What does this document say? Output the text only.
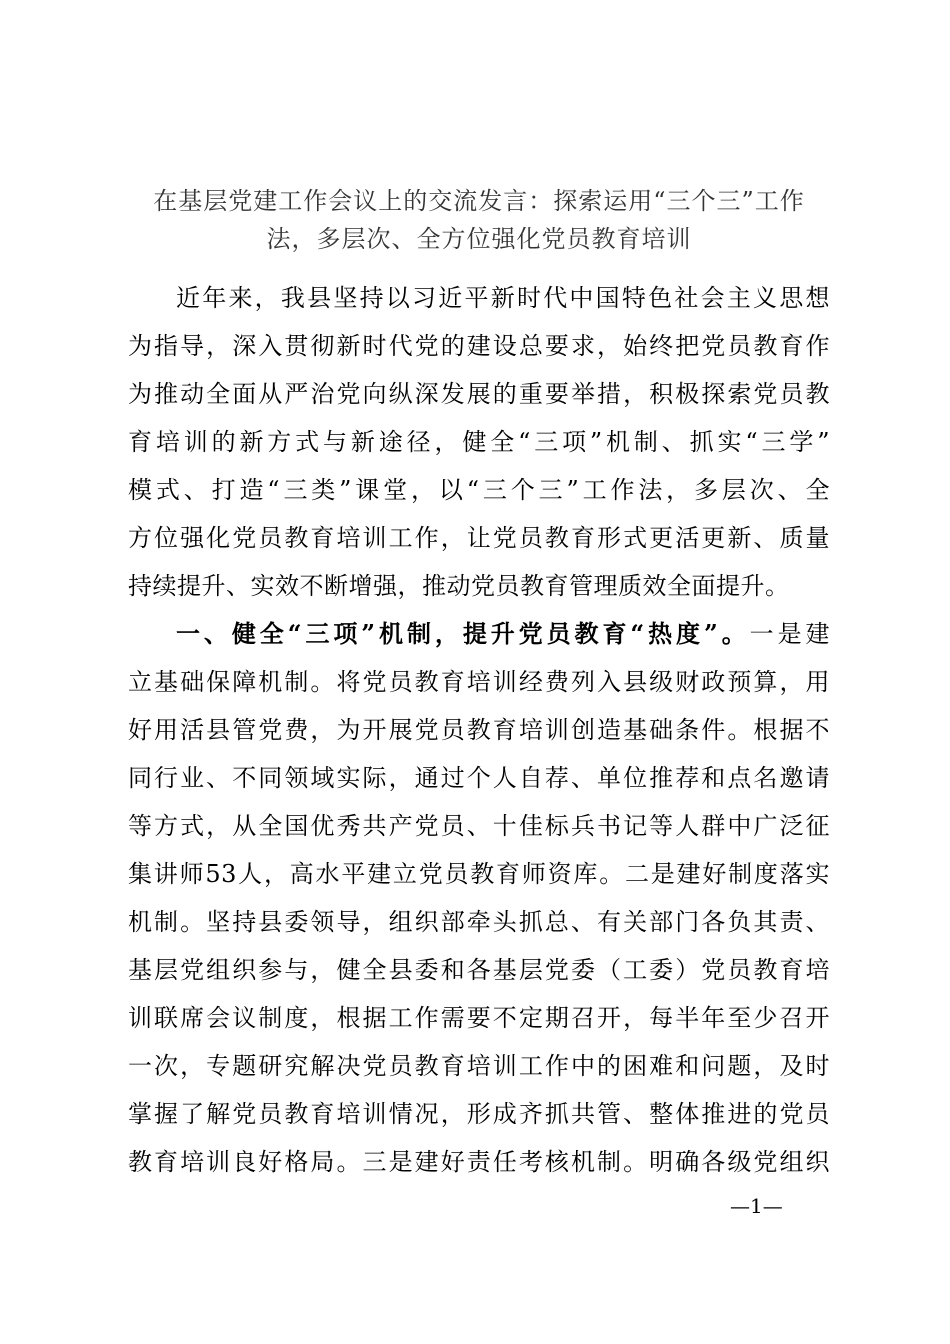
在基层党建工作会议上的交流发言：探索运用“三个三”工作
法，多层次、全方位强化党员教育培训
近年来，我县坚持以习近平新时代中国特色社会主义思想
为指导，深入贯彻新时代党的建设总要求，始终把党员教育作
为推动全面从严治党向纵深发展的重要举措，积极探索党员教
育培训的新方式与新途径，健全“三项”机制、抓实“三学”
模式、打造“三类”课堂，以“三个三”工作法，多层次、全
方位强化党员教育培训工作，让党员教育形式更活更新、质量
持续提升、实效不断增强，推动党员教育管理质效全面提升。
一、健全“三项”机制，提升党员教育“热度”。一是建
立基础保障机制。将党员教育培训经费列入县级财政预算，用
好用活县管党费，为开展党员教育培训创造基础条件。根据不
同行业、不同领域实际，通过个人自荐、单位推荐和点名邀请
等方式，从全国优秀共产党员、十佳标兵书记等人群中广泛征
集讲师53人，高水平建立党员教育师资库。二是建好制度落实
机制。坚持县委领导，组织部牵头抓总、有关部门各负其责、
基层党组织参与，健全县委和各基层党委（工委）党员教育培
训联席会议制度，根据工作需要不定期召开，每半年至少召开
一次，专题研究解决党员教育培训工作中的困难和问题，及时
掌握了解党员教育培训情况，形成齐抓共管、整体推进的党员
教育培训良好格局。三是建好责任考核机制。明确各级党组织
—1—
